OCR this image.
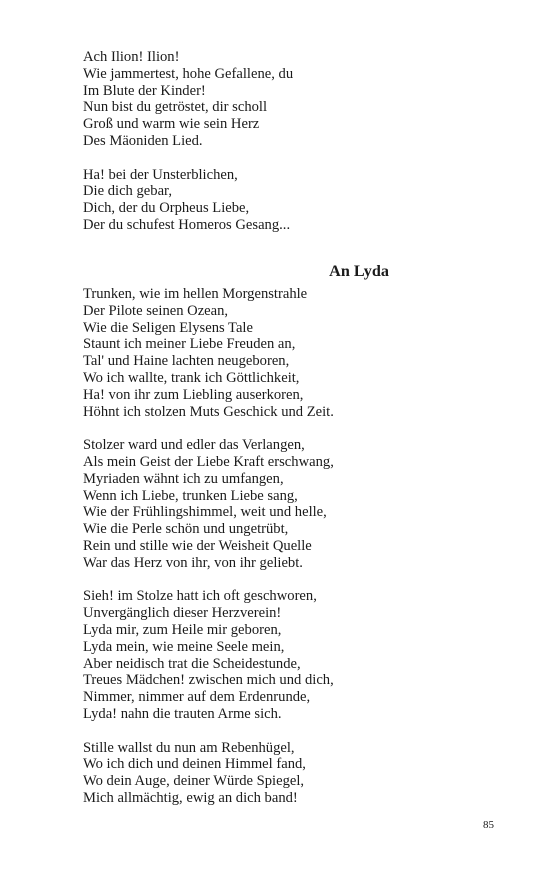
Ach Ilion! Ilion!
Wie jammertest, hohe Gefallene, du
Im Blute der Kinder!
Nun bist du getröstet, dir scholl
Groß und warm wie sein Herz
Des Mäoniden Lied.
Ha! bei der Unsterblichen,
Die dich gebar,
Dich, der du Orpheus Liebe,
Der du schufest Homeros Gesang...
An Lyda
Trunken, wie im hellen Morgenstrahle
Der Pilote seinen Ozean,
Wie die Seligen Elysens Tale
Staunt ich meiner Liebe Freuden an,
Tal' und Haine lachten neugeboren,
Wo ich wallte, trank ich Göttlichkeit,
Ha! von ihr zum Liebling auserkoren,
Höhnt ich stolzen Muts Geschick und Zeit.
Stolzer ward und edler das Verlangen,
Als mein Geist der Liebe Kraft erschwang,
Myriaden wähnt ich zu umfangen,
Wenn ich Liebe, trunken Liebe sang,
Wie der Frühlingshimmel, weit und helle,
Wie die Perle schön und ungetrübt,
Rein und stille wie der Weisheit Quelle
War das Herz von ihr, von ihr geliebt.
Sieh! im Stolze hatt ich oft geschworen,
Unvergänglich dieser Herzverein!
Lyda mir, zum Heile mir geboren,
Lyda mein, wie meine Seele mein,
Aber neidisch trat die Scheidestunde,
Treues Mädchen! zwischen mich und dich,
Nimmer, nimmer auf dem Erdenrunde,
Lyda! nahn die trauten Arme sich.
Stille wallst du nun am Rebenhügel,
Wo ich dich und deinen Himmel fand,
Wo dein Auge, deiner Würde Spiegel,
Mich allmächtig, ewig an dich band!
85
